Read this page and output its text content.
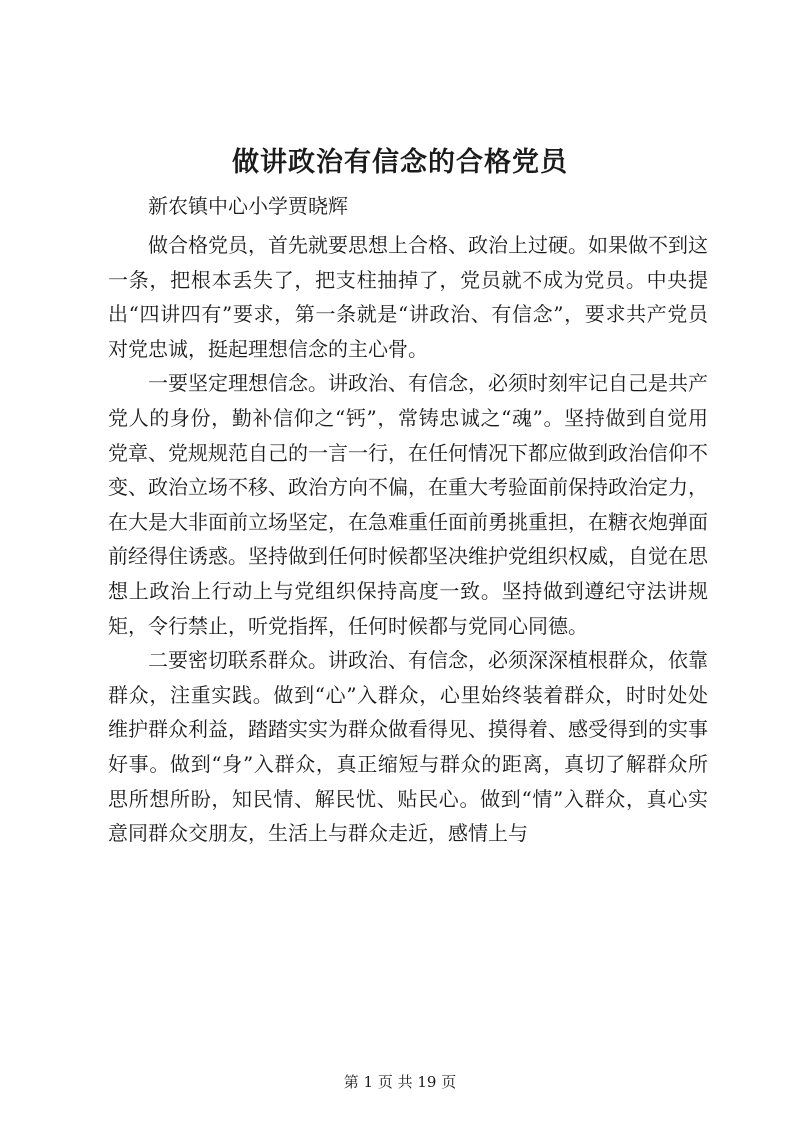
做讲政治有信念的合格党员
新农镇中心小学贾晓辉

做合格党员，首先就要思想上合格、政治上过硬。如果做不到这一条，把根本丢失了，把支柱抽掉了，党员就不成为党员。中央提出“四讲四有”要求，第一条就是“讲政治、有信念”，要求共产党员对党忠诚，挺起理想信念的主心骨。

一要坚定理想信念。讲政治、有信念，必须时刻牢记自己是共产党人的身份，勤补信仰之“钙”，常铸忠诚之“魂”。坚持做到自觉用党章、党规规范自己的一言一行，在任何情况下都应做到政治信仰不变、政治立场不移、政治方向不偏，在重大考验面前保持政治定力，在大是大非面前立场坚定，在急难重任面前勇挑重担，在糖衣炮弹面前经得住诱惑。坚持做到任何时候都坚决维护党组织权威，自觉在思想上政治上行动上与党组织保持高度一致。坚持做到遵纪守法讲规矩，令行禁止，听党指挥，任何时候都与党同心同德。

二要密切联系群众。讲政治、有信念，必须深深植根群众，依靠群众，注重实践。做到“心”入群众，心里始终装着群众，时时处处维护群众利益，踏踏实实为群众做看得见、摸得着、感受得到的实事好事。做到“身”入群众，真正缩短与群众的距离，真切了解群众所思所想所盼，知民情、解民忧、贴民心。做到“情”入群众，真心实意同群众交朋友，生活上与群众走近，感情上与

第 1 页 共 19 页
